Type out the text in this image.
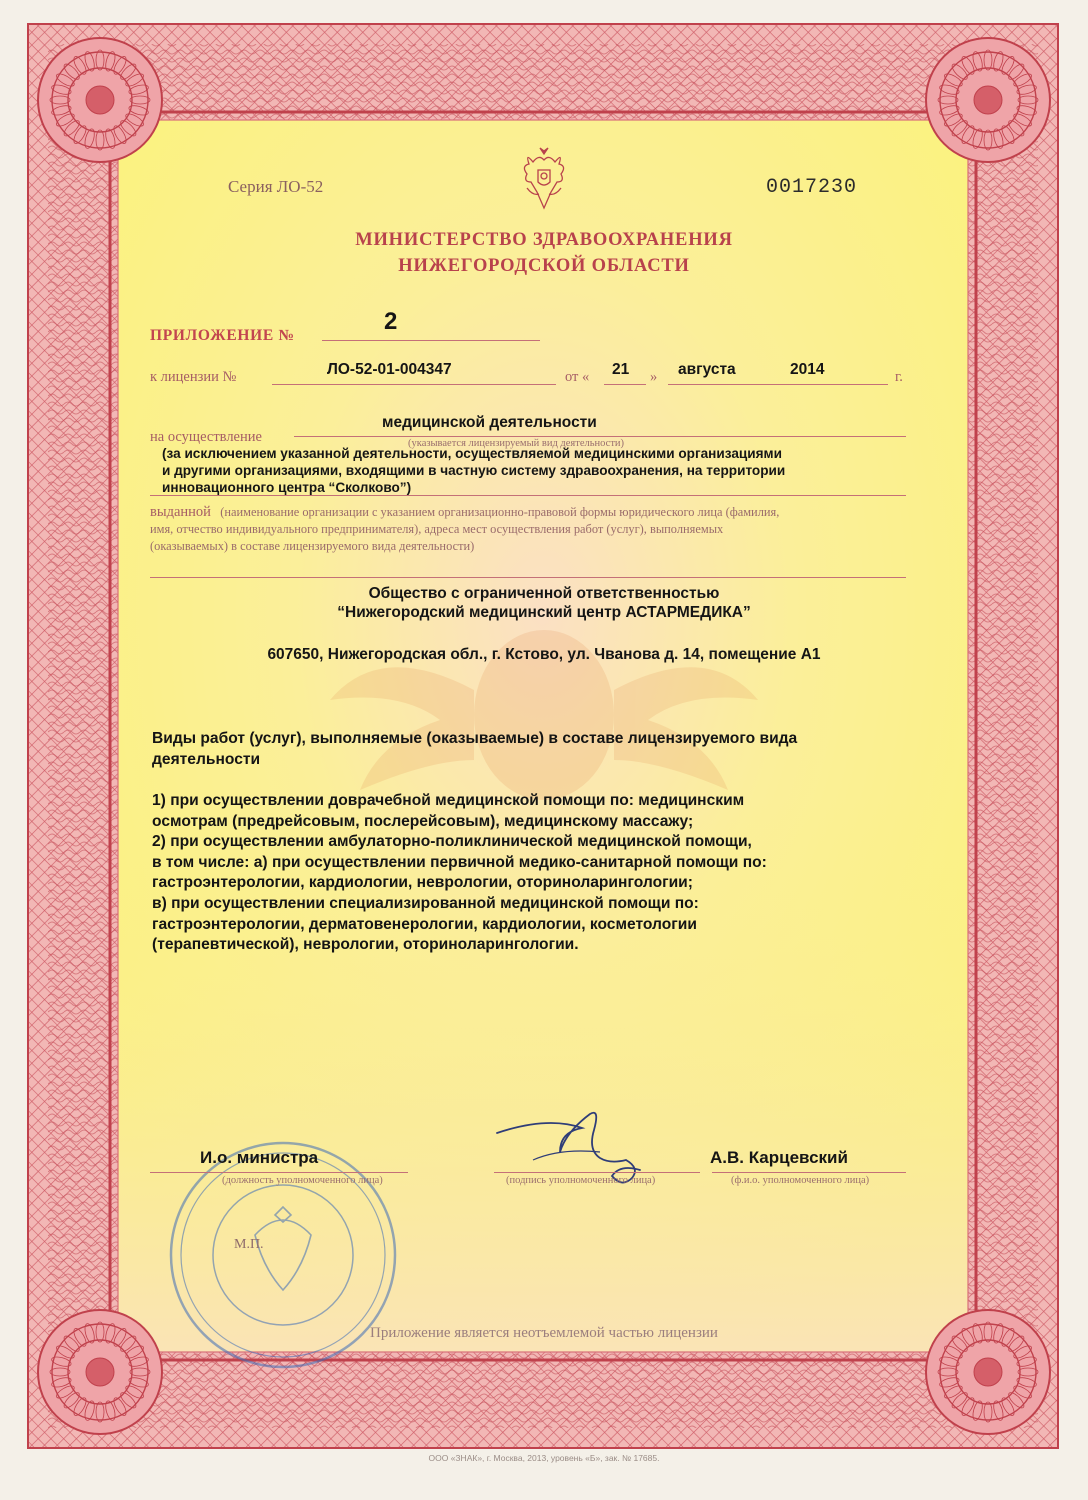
Серия ЛО-52	0017230
МИНИСТЕРСТВО ЗДРАВООХРАНЕНИЯ
НИЖЕГОРОДСКОЙ ОБЛАСТИ
ПРИЛОЖЕНИЕ №
2
к лицензии №	ЛО-52-01-004347	от « 21 » августа	2014	г.
медицинской деятельности
на осуществление	(указывается лицензируемый вид деятельности)
(за исключением указанной деятельности, осуществляемой медицинскими организациями
и другими организациями, входящими в частную систему здравоохранения, на территории
инновационного центра “Сколково”)
выданной (наименование организации с указанием организационно-правовой формы юридического лица (фамилия,
имя, отчество индивидуального предпринимателя), адреса мест осуществления работ (услуг), выполняемых
(оказываемых) в составе лицензируемого вида деятельности)
Общество с ограниченной ответственностью
“Нижегородский медицинский центр АСТАРМЕДИКА”
607650, Нижегородская обл., г. Кстово, ул. Чванова д. 14, помещение А1
Виды работ (услуг), выполняемые (оказываемые) в составе лицензируемого вида
деятельности
1) при осуществлении доврачебной медицинской помощи по: медицинским
осмотрам (предрейсовым, послерейсовым), медицинскому массажу;
2) при осуществлении амбулаторно-поликлинической медицинской помощи,
в том числе: а) при осуществлении первичной медико-санитарной помощи по:
гастроэнтерологии, кардиологии, неврологии, оториноларингологии;
в) при осуществлении специализированной медицинской помощи по:
гастроэнтерологии, дерматовенерологии, кардиологии, косметологии
(терапевтической), неврологии, оториноларингологии.
И.о. министра
(должность уполномоченного лица)	(подпись уполномоченного лица)
А.В. Карцевский
(ф.и.о. уполномоченного лица)
М.П.
Приложение является неотъемлемой частью лицензии
ООО «ЗНАК», г. Москва, 2013, уровень «Б», зак. № 17685.
